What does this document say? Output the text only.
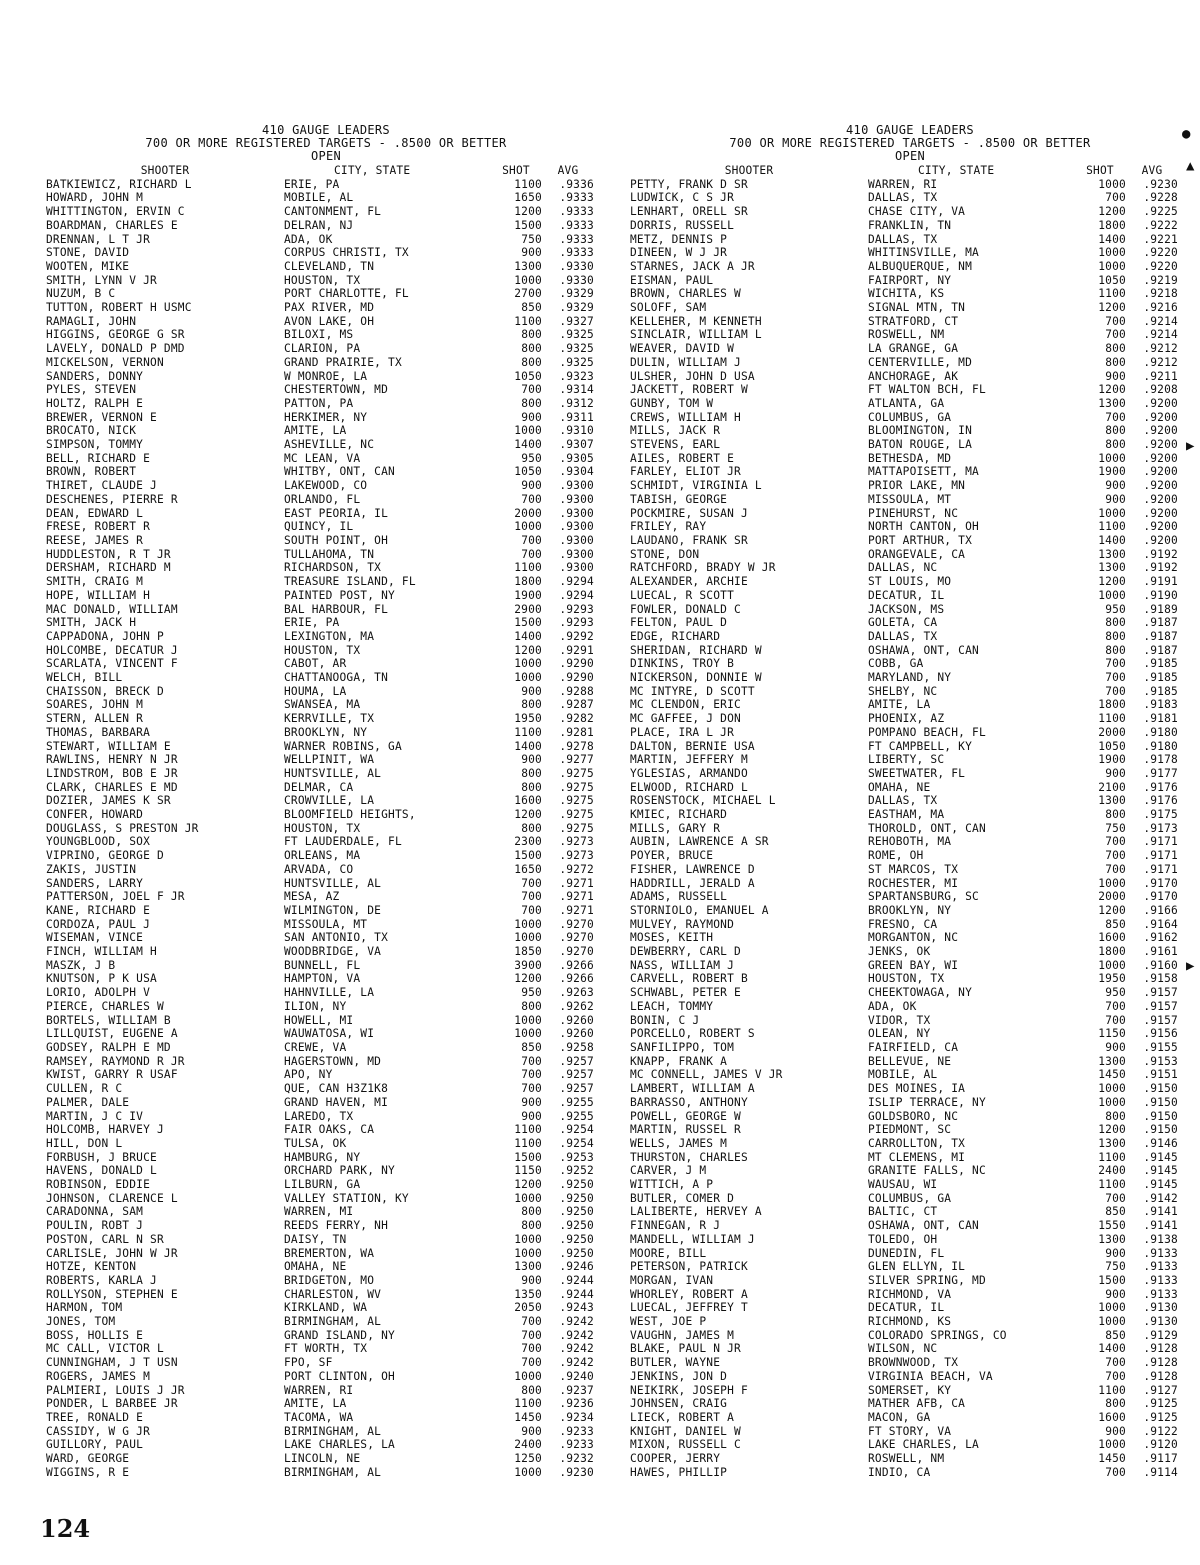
410 GAUGE LEADERS
700 OR MORE REGISTERED TARGETS - .8500 OR BETTER
OPEN
SHOOTER	CITY, STATE	SHOT	AVG
BATKIEWICZ, RICHARD L	ERIE, PA	1100	.9336
HOWARD, JOHN M	MOBILE, AL	1650	.9333
WHITTINGTON, ERVIN C	CANTONMENT, FL	1200	.9333
BOARDMAN, CHARLES E	DELRAN, NJ	1500	.9333
DRENNAN, L T JR	ADA, OK	750	.9333
STONE, DAVID	CORPUS CHRISTI, TX	900	.9333
WOOTEN, MIKE	CLEVELAND, TN	1300	.9330
SMITH, LYNN V JR	HOUSTON, TX	1000	.9330
NUZUM, B C	PORT CHARLOTTE, FL	2700	.9329
TUTTON, ROBERT H USMC	PAX RIVER, MD	850	.9329
RAMAGLI, JOHN	AVON LAKE, OH	1100	.9327
HIGGINS, GEORGE G SR	BILOXI, MS	800	.9325
LAVELY, DONALD P DMD	CLARION, PA	800	.9325
MICKELSON, VERNON	GRAND PRAIRIE, TX	800	.9325
SANDERS, DONNY	W MONROE, LA	1050	.9323
PYLES, STEVEN	CHESTERTOWN, MD	700	.9314
HOLTZ, RALPH E	PATTON, PA	800	.9312
BREWER, VERNON E	HERKIMER, NY	900	.9311
BROCATO, NICK	AMITE, LA	1000	.9310
SIMPSON, TOMMY	ASHEVILLE, NC	1400	.9307
BELL, RICHARD E	MC LEAN, VA	950	.9305
BROWN, ROBERT	WHITBY, ONT, CAN	1050	.9304
THIRET, CLAUDE J	LAKEWOOD, CO	900	.9300
DESCHENES, PIERRE R	ORLANDO, FL	700	.9300
DEAN, EDWARD L	EAST PEORIA, IL	2000	.9300
FRESE, ROBERT R	QUINCY, IL	1000	.9300
REESE, JAMES R	SOUTH POINT, OH	700	.9300
HUDDLESTON, R T JR	TULLAHOMA, TN	700	.9300
DERSHAM, RICHARD M	RICHARDSON, TX	1100	.9300
SMITH, CRAIG M	TREASURE ISLAND, FL	1800	.9294
HOPE, WILLIAM H	PAINTED POST, NY	1900	.9294
MAC DONALD, WILLIAM	BAL HARBOUR, FL	2900	.9293
SMITH, JACK H	ERIE, PA	1500	.9293
CAPPADONA, JOHN P	LEXINGTON, MA	1400	.9292
HOLCOMBE, DECATUR J	HOUSTON, TX	1200	.9291
SCARLATA, VINCENT F	CABOT, AR	1000	.9290
WELCH, BILL	CHATTANOOGA, TN	1000	.9290
CHAISSON, BRECK D	HOUMA, LA	900	.9288
SOARES, JOHN M	SWANSEA, MA	800	.9287
STERN, ALLEN R	KERRVILLE, TX	1950	.9282
THOMAS, BARBARA	BROOKLYN, NY	1100	.9281
STEWART, WILLIAM E	WARNER ROBINS, GA	1400	.9278
RAWLINS, HENRY N JR	WELLPINIT, WA	900	.9277
LINDSTROM, BOB E JR	HUNTSVILLE, AL	800	.9275
CLARK, CHARLES E MD	DELMAR, CA	800	.9275
DOZIER, JAMES K SR	CROWVILLE, LA	1600	.9275
CONFER, HOWARD	BLOOMFIELD HEIGHTS,	1200	.9275
DOUGLASS, S PRESTON JR	HOUSTON, TX	800	.9275
YOUNGBLOOD, SOX	FT LAUDERDALE, FL	2300	.9273
VIPRINO, GEORGE D	ORLEANS, MA	1500	.9273
ZAKIS, JUSTIN	ARVADA, CO	1650	.9272
SANDERS, LARRY	HUNTSVILLE, AL	700	.9271
PATTERSON, JOEL F JR	MESA, AZ	700	.9271
KANE, RICHARD E	WILMINGTON, DE	700	.9271
CORDOZA, PAUL J	MISSOULA, MT	1000	.9270
WISEMAN, VINCE	SAN ANTONIO, TX	1000	.9270
FINCH, WILLIAM H	WOODBRIDGE, VA	1850	.9270
MASZK, J B	BUNNELL, FL	3900	.9266
KNUTSON, P K USA	HAMPTON, VA	1200	.9266
LORIO, ADOLPH V	HAHNVILLE, LA	950	.9263
PIERCE, CHARLES W	ILION, NY	800	.9262
BORTELS, WILLIAM B	HOWELL, MI	1000	.9260
LILLQUIST, EUGENE A	WAUWATOSA, WI	1000	.9260
GODSEY, RALPH E MD	CREWE, VA	850	.9258
RAMSEY, RAYMOND R JR	HAGERSTOWN, MD	700	.9257
KWIST, GARRY R USAF	APO, NY	700	.9257
CULLEN, R C	QUE, CAN H3Z1K8	700	.9257
PALMER, DALE	GRAND HAVEN, MI	900	.9255
MARTIN, J C IV	LAREDO, TX	900	.9255
HOLCOMB, HARVEY J	FAIR OAKS, CA	1100	.9254
HILL, DON L	TULSA, OK	1100	.9254
FORBUSH, J BRUCE	HAMBURG, NY	1500	.9253
HAVENS, DONALD L	ORCHARD PARK, NY	1150	.9252
ROBINSON, EDDIE	LILBURN, GA	1200	.9250
JOHNSON, CLARENCE L	VALLEY STATION, KY	1000	.9250
CARADONNA, SAM	WARREN, MI	800	.9250
POULIN, ROBT J	REEDS FERRY, NH	800	.9250
POSTON, CARL N SR	DAISY, TN	1000	.9250
CARLISLE, JOHN W JR	BREMERTON, WA	1000	.9250
HOTZE, KENTON	OMAHA, NE	1300	.9246
ROBERTS, KARLA J	BRIDGETON, MO	900	.9244
ROLLYSON, STEPHEN E	CHARLESTON, WV	1350	.9244
HARMON, TOM	KIRKLAND, WA	2050	.9243
JONES, TOM	BIRMINGHAM, AL	700	.9242
BOSS, HOLLIS E	GRAND ISLAND, NY	700	.9242
MC CALL, VICTOR L	FT WORTH, TX	700	.9242
CUNNINGHAM, J T USN	FPO, SF	700	.9242
ROGERS, JAMES M	PORT CLINTON, OH	1000	.9240
PALMIERI, LOUIS J JR	WARREN, RI	800	.9237
PONDER, L BARBEE JR	AMITE, LA	1100	.9236
TREE, RONALD E	TACOMA, WA	1450	.9234
CASSIDY, W G JR	BIRMINGHAM, AL	900	.9233
GUILLORY, PAUL	LAKE CHARLES, LA	2400	.9233
WARD, GEORGE	LINCOLN, NE	1250	.9232
WIGGINS, R E	BIRMINGHAM, AL	1000	.9230
410 GAUGE LEADERS
700 OR MORE REGISTERED TARGETS - .8500 OR BETTER
OPEN
SHOOTER	CITY, STATE	SHOT	AVG
PETTY, FRANK D SR	WARREN, RI	1000	.9230
LUDWICK, C S JR	DALLAS, TX	700	.9228
LENHART, ORELL SR	CHASE CITY, VA	1200	.9225
DORRIS, RUSSELL	FRANKLIN, TN	1800	.9222
METZ, DENNIS P	DALLAS, TX	1400	.9221
DINEEN, W J JR	WHITINSVILLE, MA	1000	.9220
STARNES, JACK A JR	ALBUQUERQUE, NM	1000	.9220
EISMAN, PAUL	FAIRPORT, NY	1050	.9219
BROWN, CHARLES W	WICHITA, KS	1100	.9218
SOLOFF, SAM	SIGNAL MTN, TN	1200	.9216
KELLEHER, M KENNETH	STRATFORD, CT	700	.9214
SINCLAIR, WILLIAM L	ROSWELL, NM	700	.9214
WEAVER, DAVID W	LA GRANGE, GA	800	.9212
DULIN, WILLIAM J	CENTERVILLE, MD	800	.9212
ULSHER, JOHN D USA	ANCHORAGE, AK	900	.9211
JACKETT, ROBERT W	FT WALTON BCH, FL	1200	.9208
GUNBY, TOM W	ATLANTA, GA	1300	.9200
CREWS, WILLIAM H	COLUMBUS, GA	700	.9200
MILLS, JACK R	BLOOMINGTON, IN	800	.9200
STEVENS, EARL	BATON ROUGE, LA	800	.9200
AILES, ROBERT E	BETHESDA, MD	1000	.9200
FARLEY, ELIOT JR	MATTAPOISETT, MA	1900	.9200
SCHMIDT, VIRGINIA L	PRIOR LAKE, MN	900	.9200
TABISH, GEORGE	MISSOULA, MT	900	.9200
POCKMIRE, SUSAN J	PINEHURST, NC	1000	.9200
FRILEY, RAY	NORTH CANTON, OH	1100	.9200
LAUDANO, FRANK SR	PORT ARTHUR, TX	1400	.9200
STONE, DON	ORANGEVALE, CA	1300	.9192
RATCHFORD, BRADY W JR	DALLAS, NC	1300	.9192
ALEXANDER, ARCHIE	ST LOUIS, MO	1200	.9191
LUECAL, R SCOTT	DECATUR, IL	1000	.9190
FOWLER, DONALD C	JACKSON, MS	950	.9189
FELTON, PAUL D	GOLETA, CA	800	.9187
EDGE, RICHARD	DALLAS, TX	800	.9187
SHERIDAN, RICHARD W	OSHAWA, ONT, CAN	800	.9187
DINKINS, TROY B	COBB, GA	700	.9185
NICKERSON, DONNIE W	MARYLAND, NY	700	.9185
MC INTYRE, D SCOTT	SHELBY, NC	700	.9185
MC CLENDON, ERIC	AMITE, LA	1800	.9183
MC GAFFEE, J DON	PHOENIX, AZ	1100	.9181
PLACE, IRA L JR	POMPANO BEACH, FL	2000	.9180
DALTON, BERNIE USA	FT CAMPBELL, KY	1050	.9180
MARTIN, JEFFERY M	LIBERTY, SC	1900	.9178
YGLESIAS, ARMANDO	SWEETWATER, FL	900	.9177
ELWOOD, RICHARD L	OMAHA, NE	2100	.9176
ROSENSTOCK, MICHAEL L	DALLAS, TX	1300	.9176
KMIEC, RICHARD	EASTHAM, MA	800	.9175
MILLS, GARY R	THOROLD, ONT, CAN	750	.9173
AUBIN, LAWRENCE A SR	REHOBOTH, MA	700	.9171
POYER, BRUCE	ROME, OH	700	.9171
FISHER, LAWRENCE D	ST MARCOS, TX	700	.9171
HADDRILL, JERALD A	ROCHESTER, MI	1000	.9170
ADAMS, RUSSELL	SPARTANSBURG, SC	2000	.9170
STORNIOLO, EMANUEL A	BROOKLYN, NY	1200	.9166
MULVEY, RAYMOND	FRESNO, CA	850	.9164
MOSES, KEITH	MORGANTON, NC	1600	.9162
DEWBERRY, CARL D	JENKS, OK	1800	.9161
NASS, WILLIAM J	GREEN BAY, WI	1000	.9160
CARVELL, ROBERT B	HOUSTON, TX	1950	.9158
SCHWABL, PETER E	CHEEKTOWAGA, NY	950	.9157
LEACH, TOMMY	ADA, OK	700	.9157
BONIN, C J	VIDOR, TX	700	.9157
PORCELLO, ROBERT S	OLEAN, NY	1150	.9156
SANFILIPPO, TOM	FAIRFIELD, CA	900	.9155
KNAPP, FRANK A	BELLEVUE, NE	1300	.9153
MC CONNELL, JAMES V JR	MOBILE, AL	1450	.9151
LAMBERT, WILLIAM A	DES MOINES, IA	1000	.9150
BARRASSO, ANTHONY	ISLIP TERRACE, NY	1000	.9150
POWELL, GEORGE W	GOLDSBORO, NC	800	.9150
MARTIN, RUSSEL R	PIEDMONT, SC	1200	.9150
WELLS, JAMES M	CARROLLTON, TX	1300	.9146
THURSTON, CHARLES	MT CLEMENS, MI	1100	.9145
CARVER, J M	GRANITE FALLS, NC	2400	.9145
WITTICH, A P	WAUSAU, WI	1100	.9145
BUTLER, COMER D	COLUMBUS, GA	700	.9142
LALIBERTE, HERVEY A	BALTIC, CT	850	.9141
FINNEGAN, R J	OSHAWA, ONT, CAN	1550	.9141
MANDELL, WILLIAM J	TOLEDO, OH	1300	.9138
MOORE, BILL	DUNEDIN, FL	900	.9133
PETERSON, PATRICK	GLEN ELLYN, IL	750	.9133
MORGAN, IVAN	SILVER SPRING, MD	1500	.9133
WHORLEY, ROBERT A	RICHMOND, VA	900	.9133
LUECAL, JEFFREY T	DECATUR, IL	1000	.9130
WEST, JOE P	RICHMOND, KS	1000	.9130
VAUGHN, JAMES M	COLORADO SPRINGS, CO	850	.9129
BLAKE, PAUL N JR	WILSON, NC	1400	.9128
BUTLER, WAYNE	BROWNWOOD, TX	700	.9128
JENKINS, JON D	VIRGINIA BEACH, VA	700	.9128
NEIKIRK, JOSEPH F	SOMERSET, KY	1100	.9127
JOHNSEN, CRAIG	MATHER AFB, CA	800	.9125
LIECK, ROBERT A	MACON, GA	1600	.9125
KNIGHT, DANIEL W	FT STORY, VA	900	.9122
MIXON, RUSSELL C	LAKE CHARLES, LA	1000	.9120
COOPER, JERRY	ROSWELL, NM	1450	.9117
HAWES, PHILLIP	INDIO, CA	700	.9114
124
●
▲
▶
▶
